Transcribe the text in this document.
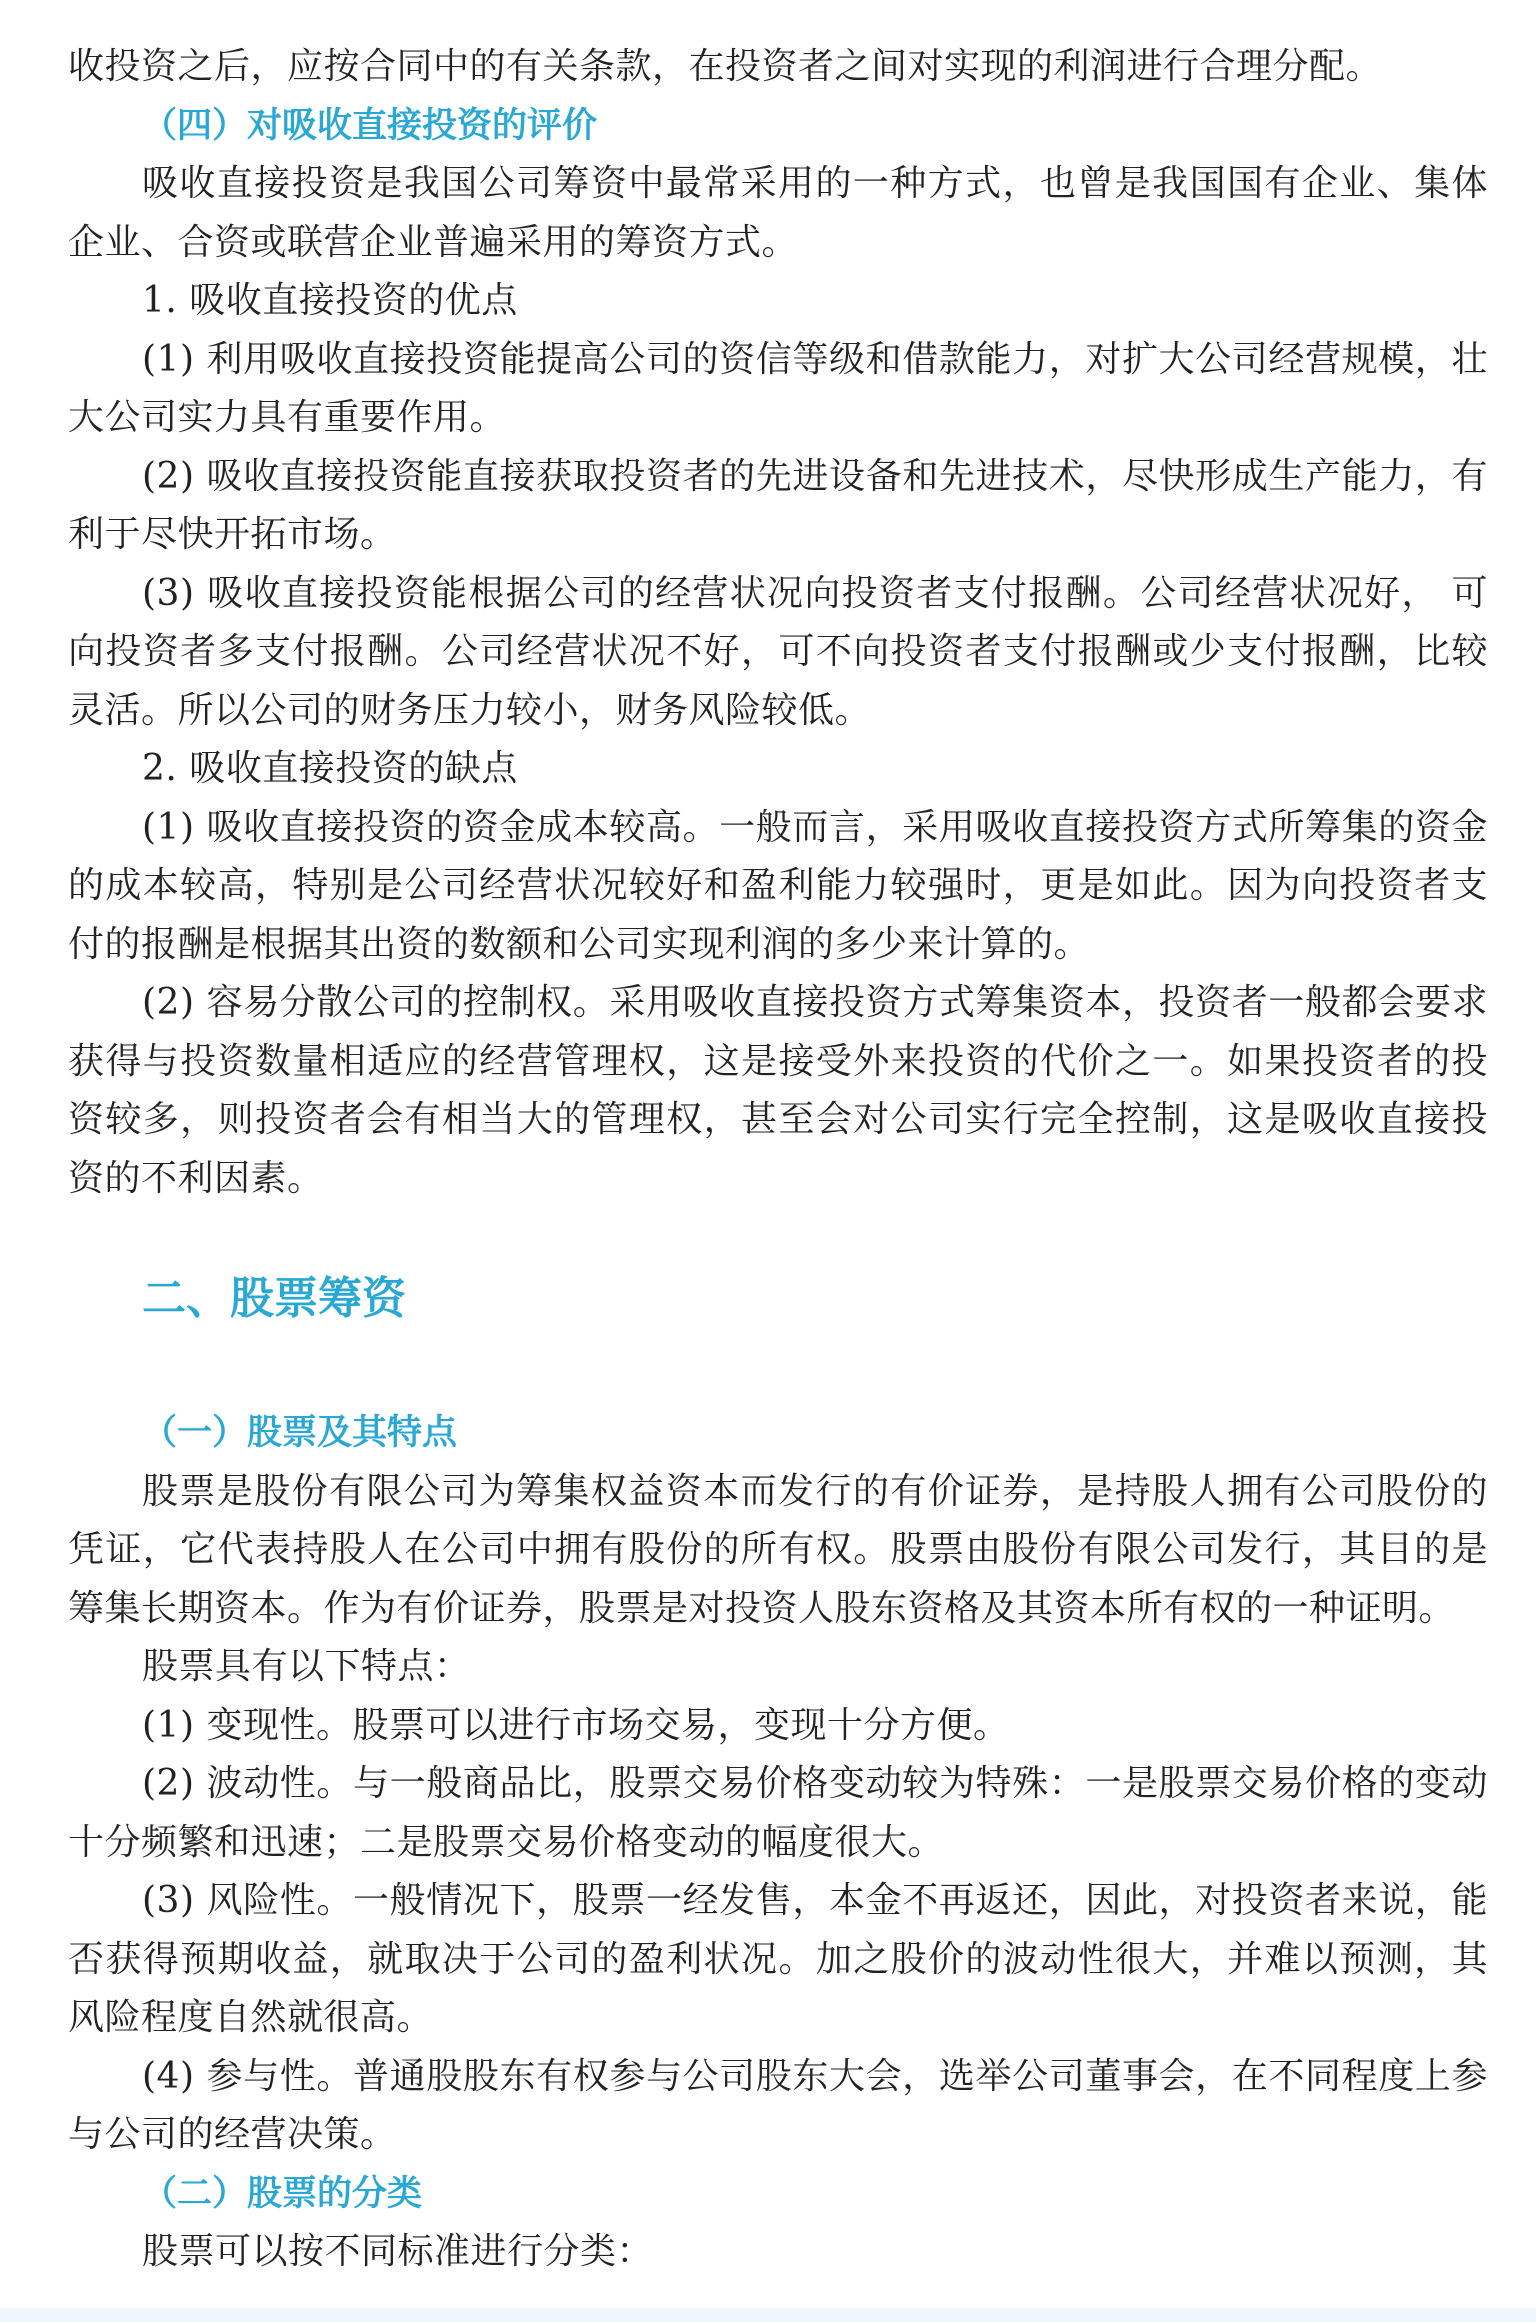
收投资之后，应按合同中的有关条款，在投资者之间对实现的利润进行合理分配。

（四）对吸收直接投资的评价

吸收直接投资是我国公司筹资中最常采用的一种方式，也曾是我国国有企业、集体企业、合资或联营企业普遍采用的筹资方式。

1. 吸收直接投资的优点

(1) 利用吸收直接投资能提高公司的资信等级和借款能力，对扩大公司经营规模，壮大公司实力具有重要作用。

(2) 吸收直接投资能直接获取投资者的先进设备和先进技术，尽快形成生产能力，有利于尽快开拓市场。

(3) 吸收直接投资能根据公司的经营状况向投资者支付报酬。公司经营状况好， 可向投资者多支付报酬。公司经营状况不好，可不向投资者支付报酬或少支付报酬，比较灵活。所以公司的财务压力较小，财务风险较低。

2. 吸收直接投资的缺点

(1) 吸收直接投资的资金成本较高。一般而言，采用吸收直接投资方式所筹集的资金的成本较高，特别是公司经营状况较好和盈利能力较强时，更是如此。因为向投资者支付的报酬是根据其出资的数额和公司实现利润的多少来计算的。

(2) 容易分散公司的控制权。采用吸收直接投资方式筹集资本，投资者一般都会要求获得与投资数量相适应的经营管理权，这是接受外来投资的代价之一。如果投资者的投资较多，则投资者会有相当大的管理权，甚至会对公司实行完全控制，这是吸收直接投资的不利因素。

二、股票筹资
（一）股票及其特点

股票是股份有限公司为筹集权益资本而发行的有价证券，是持股人拥有公司股份的凭证，它代表持股人在公司中拥有股份的所有权。股票由股份有限公司发行，其目的是筹集长期资本。作为有价证券，股票是对投资人股东资格及其资本所有权的一种证明。

股票具有以下特点：

(1) 变现性。股票可以进行市场交易，变现十分方便。

(2) 波动性。与一般商品比，股票交易价格变动较为特殊：一是股票交易价格的变动十分频繁和迅速；二是股票交易价格变动的幅度很大。

(3) 风险性。一般情况下，股票一经发售，本金不再返还，因此，对投资者来说，能否获得预期收益，就取决于公司的盈利状况。加之股价的波动性很大，并难以预测，其风险程度自然就很高。

(4) 参与性。普通股股东有权参与公司股东大会，选举公司董事会，在不同程度上参与公司的经营决策。

（二）股票的分类

股票可以按不同标准进行分类：
